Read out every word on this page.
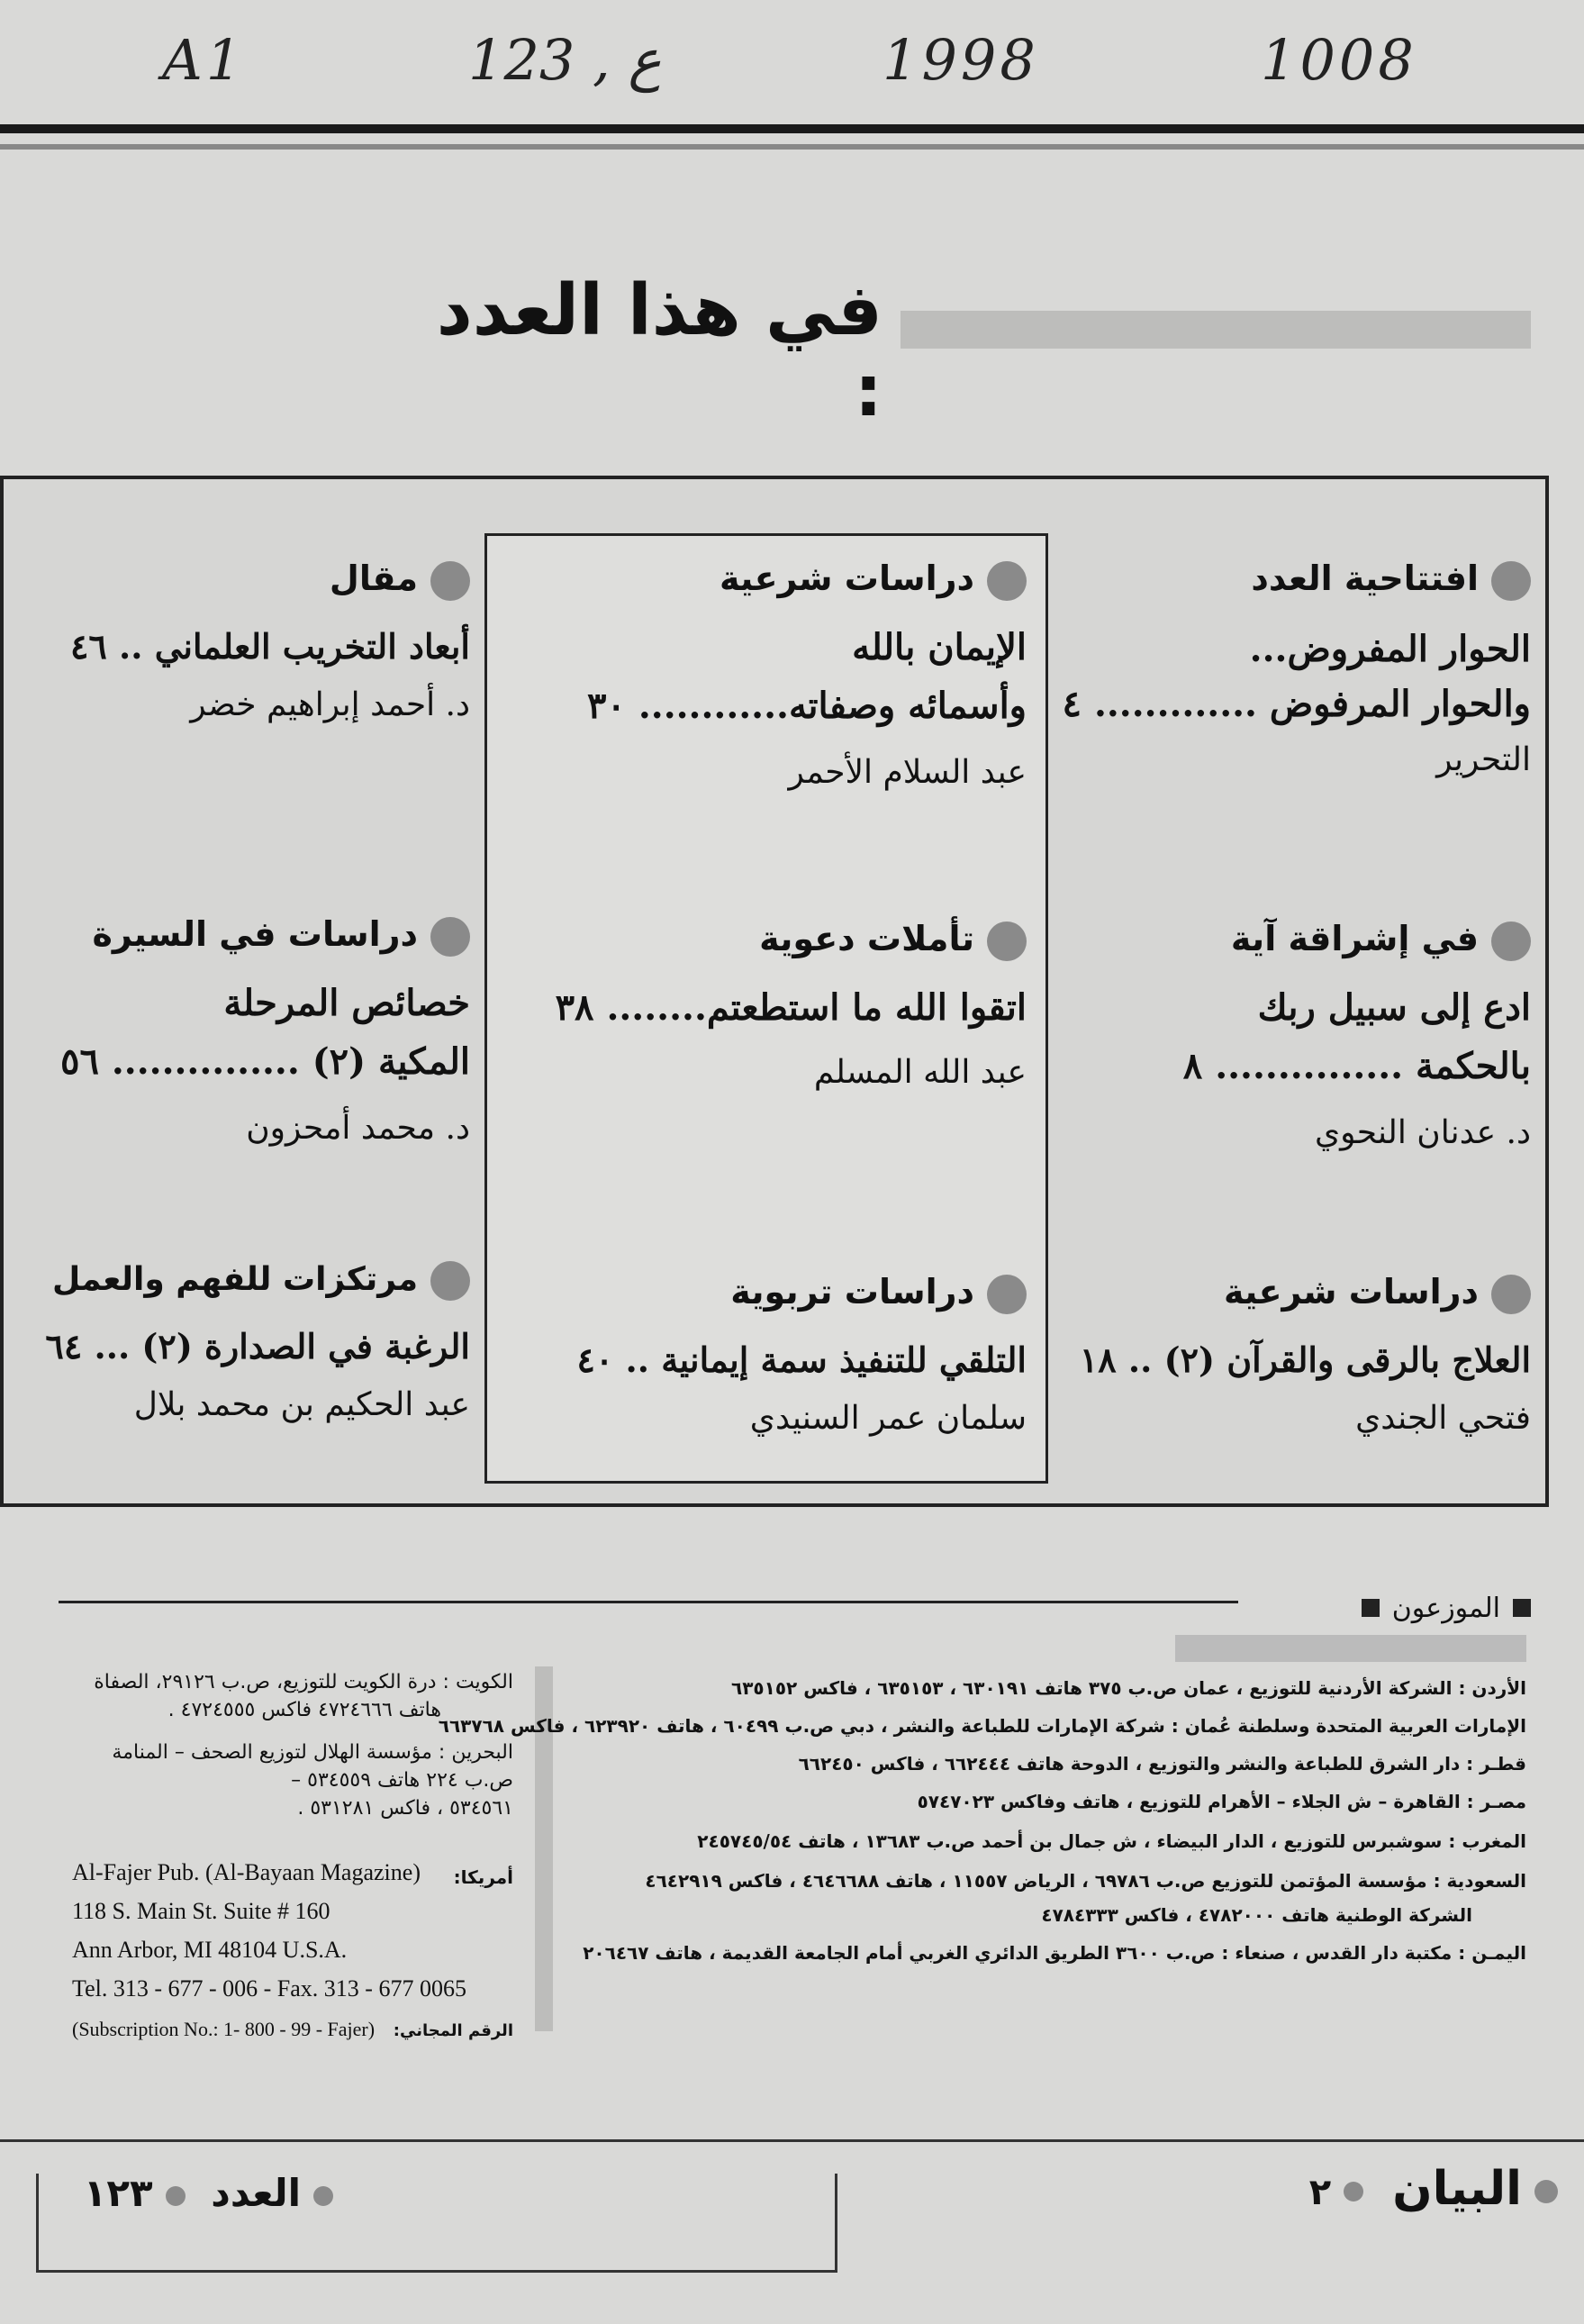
A1	123 , ع	1998	1008
في هذا العدد :
افتتاحية العدد
الحوار المفروض...
والحوار المرفوض ............. ٤
التحرير
في إشراقة آية
ادع إلى سبيل ربك
بالحكمة ............... ٨
د. عدنان النحوي
دراسات شرعية
العلاج بالرقى والقرآن (٢) .. ١٨
فتحي الجندي
دراسات شرعية
الإيمان بالله
وأسمائه وصفاته............ ٣٠
عبد السلام الأحمر
تأملات دعوية
اتقوا الله ما استطعتم........ ٣٨
عبد الله المسلم
دراسات تربوية
التلقي للتنفيذ سمة إيمانية .. ٤٠
سلمان عمر السنيدي
مقال
أبعاد التخريب العلماني .. ٤٦
د. أحمد إبراهيم خضر
دراسات في السيرة
خصائص المرحلة
المكية (٢) ............... ٥٦
د. محمد أمحزون
مرتكزات للفهم والعمل
الرغبة في الصدارة (٢) ... ٦٤
عبد الحكيم بن محمد بلال
الموزعون
الأردن : الشركة الأردنية للتوزيع ، عمان ص.ب ٣٧٥ هاتف ٦٣٠١٩١ ، ٦٣٥١٥٣ ، فاكس ٦٣٥١٥٢
الإمارات العربية المتحدة وسلطنة عُمان : شركة الإمارات للطباعة والنشر ، دبي ص.ب ٦٠٤٩٩ ، هاتف ٦٢٣٩٢٠ ، فاكس ٦٦٣٧٦٨
قطـر : دار الشرق للطباعة والنشر والتوزيع ، الدوحة هاتف ٦٦٢٤٤٤ ، فاكس ٦٦٢٤٥٠
مصـر : القاهرة – ش الجلاء – الأهرام للتوزيع ، هاتف وفاكس ٥٧٤٧٠٢٣
المغرب : سوشبرس للتوزيع ، الدار البيضاء ، ش جمال بن أحمد ص.ب ١٣٦٨٣ ، هاتف ٢٤٥٧٤٥/٥٤
السعودية : مؤسسة المؤتمن للتوزيع ص.ب ٦٩٧٨٦ ، الرياض ١١٥٥٧ ، هاتف ٤٦٤٦٦٨٨ ، فاكس ٤٦٤٢٩١٩
الشركة الوطنية هاتف ٤٧٨٢٠٠٠ ، فاكس ٤٧٨٤٣٣٣
اليمـن : مكتبة دار القدس ، صنعاء : ص.ب ٣٦٠٠ الطريق الدائري الغربي أمام الجامعة القديمة ، هاتف ٢٠٦٤٦٧
الكويت : درة الكويت للتوزيع، ص.ب ٢٩١٢٦، الصفاة
هاتف ٤٧٢٤٦٦٦ فاكس ٤٧٢٤٥٥٥ .
البحرين : مؤسسة الهلال لتوزيع الصحف – المنامة
ص.ب ٢٢٤ هاتف ٥٣٤٥٥٩ –
٥٣٤٥٦١ ، فاكس ٥٣١٢٨١ .
أمريكا:
Al-Fajer Pub. (Al-Bayaan Magazine)
118 S. Main St. Suite # 160
Ann Arbor, MI 48104 U.S.A.
Tel. 313 - 677 - 006 - Fax. 313 - 677 0065
(Subscription No.: 1- 800 - 99 - Fajer) الرقم المجاني:
البيان ٢
العدد ١٢٣
